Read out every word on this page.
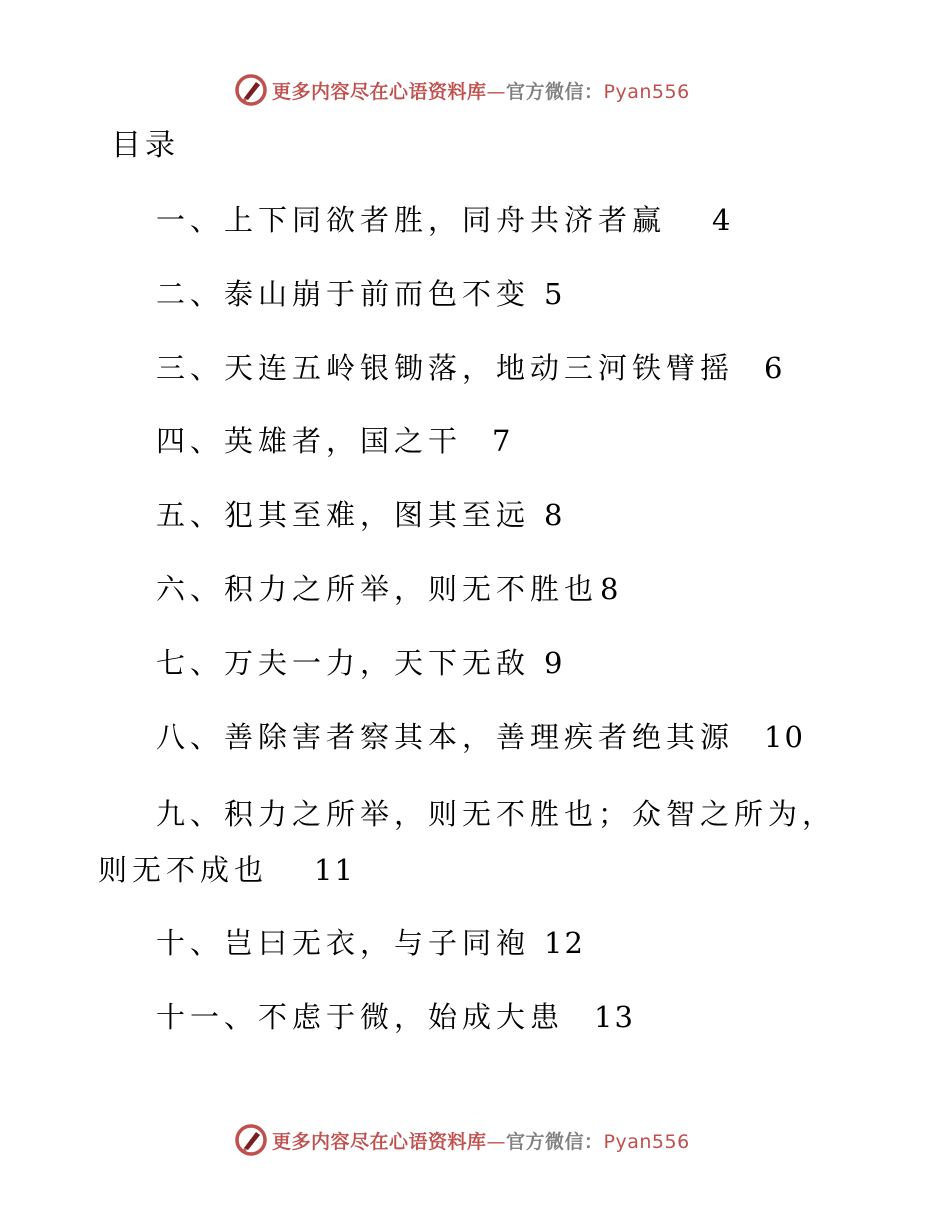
更多内容尽在心语资料库—官方微信：Pyan556
目录
一、上下同欲者胜，同舟共济者赢 4
二、泰山崩于前而色不变 5
三、天连五岭银锄落，地动三河铁臂摇 6
四、英雄者，国之干 7
五、犯其至难，图其至远 8
六、积力之所举，则无不胜也8
七、万夫一力，天下无敌 9
八、善除害者察其本，善理疾者绝其源 10
九、积力之所举，则无不胜也；众智之所为，则无不成也 11
十、岂曰无衣，与子同袍 12
十一、不虑于微，始成大患 13
更多内容尽在心语资料库—官方微信：Pyan556
